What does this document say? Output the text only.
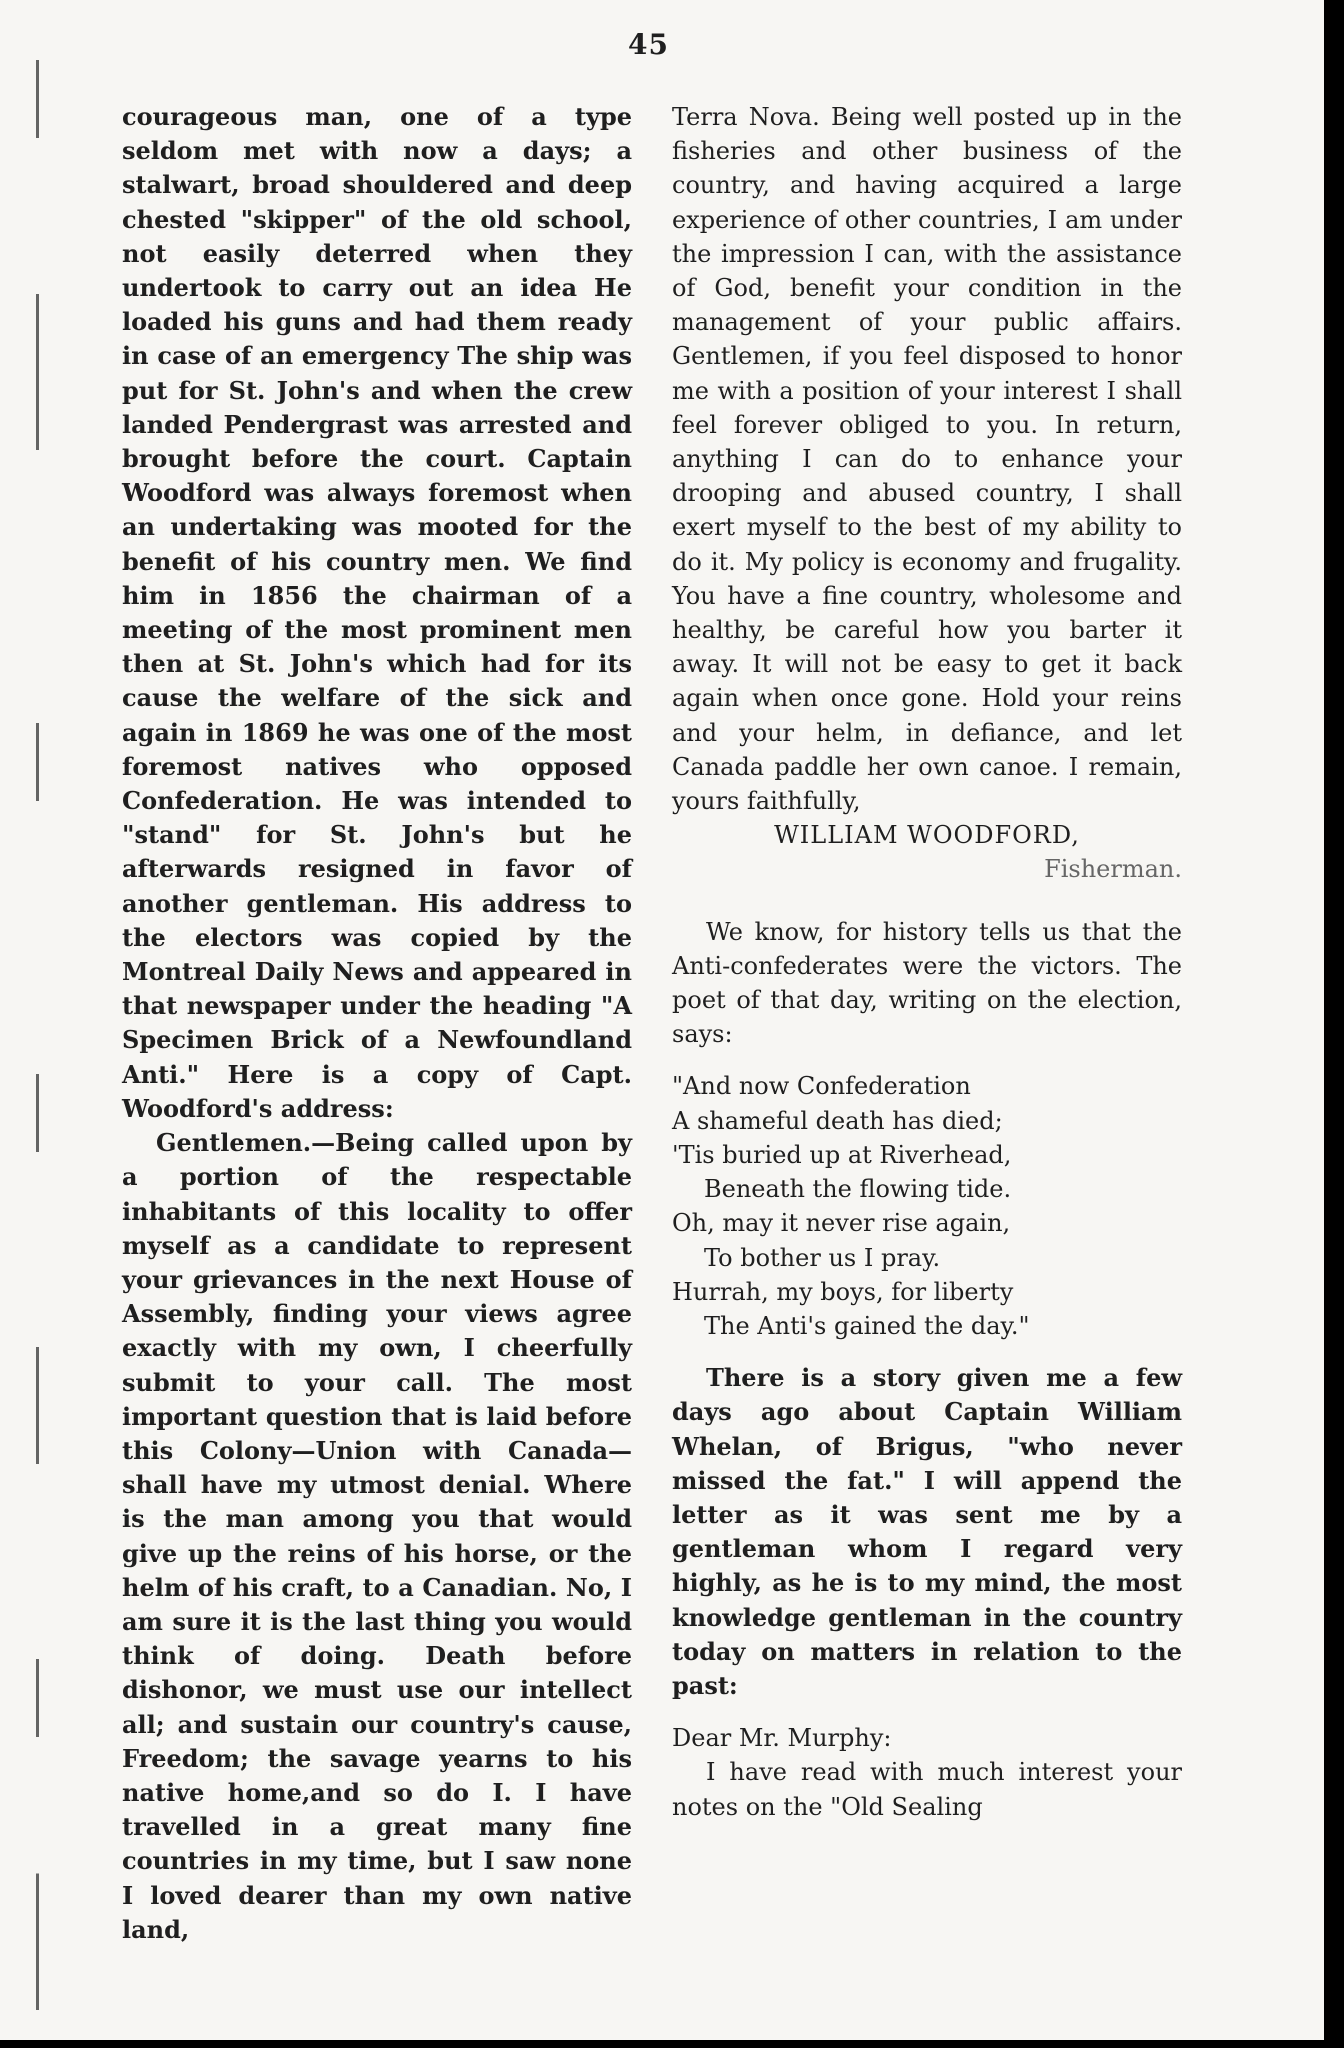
45

courageous man, one of a type seldom met with now a days; a stalwart, broad shouldered and deep chested "skipper" of the old school, not easily deterred when they undertook to carry out an idea He loaded his guns and had them ready in case of an emergency The ship was put for St. John's and when the crew landed Pendergrast was arrested and brought before the court. Captain Woodford was always foremost when an undertaking was mooted for the benefit of his country men. We find him in 1856 the chairman of a meeting of the most prominent men then at St. John's which had for its cause the welfare of the sick and again in 1869 he was one of the most foremost natives who opposed Confederation. He was intended to "stand" for St. John's but he afterwards resigned in favor of another gentleman. His address to the electors was copied by the Montreal Daily News and appeared in that newspaper under the heading "A Specimen Brick of a Newfoundland Anti." Here is a copy of Capt. Woodford's address:

Gentlemen.—Being called upon by a portion of the respectable inhabitants of this locality to offer myself as a candidate to represent your grievances in the next House of Assembly, finding your views agree exactly with my own, I cheerfully submit to your call. The most important question that is laid before this Colony—Union with Canada—shall have my utmost denial. Where is the man among you that would give up the reins of his horse, or the helm of his craft, to a Canadian. No, I am sure it is the last thing you would think of doing. Death before dishonor, we must use our intellect all; and sustain our country's cause, Freedom; the savage yearns to his native home,and so do I. I have travelled in a great many fine countries in my time, but I saw none I loved dearer than my own native land,

Terra Nova. Being well posted up in the fisheries and other business of the country, and having acquired a large experience of other countries, I am under the impression I can, with the assistance of God, benefit your condition in the management of your public affairs. Gentlemen, if you feel disposed to honor me with a position of your interest I shall feel forever obliged to you. In return, anything I can do to enhance your drooping and abused country, I shall exert myself to the best of my ability to do it. My policy is economy and frugality. You have a fine country, wholesome and healthy, be careful how you barter it away. It will not be easy to get it back again when once gone. Hold your reins and your helm, in defiance, and let Canada paddle her own canoe. I remain, yours faithfully,

WILLIAM WOODFORD,

Fisherman.

We know, for history tells us that the Anti-confederates were the victors. The poet of that day, writing on the election, says:

"And now Confederation
A shameful death has died;
'Tis buried up at Riverhead,
Beneath the flowing tide.
Oh, may it never rise again,
To bother us I pray.
Hurrah, my boys, for liberty
The Anti's gained the day."

There is a story given me a few days ago about Captain William Whelan, of Brigus, "who never missed the fat." I will append the letter as it was sent me by a gentleman whom I regard very highly, as he is to my mind, the most knowledge gentleman in the country today on matters in relation to the past:

Dear Mr. Murphy:

I have read with much interest your notes on the "Old Sealing
